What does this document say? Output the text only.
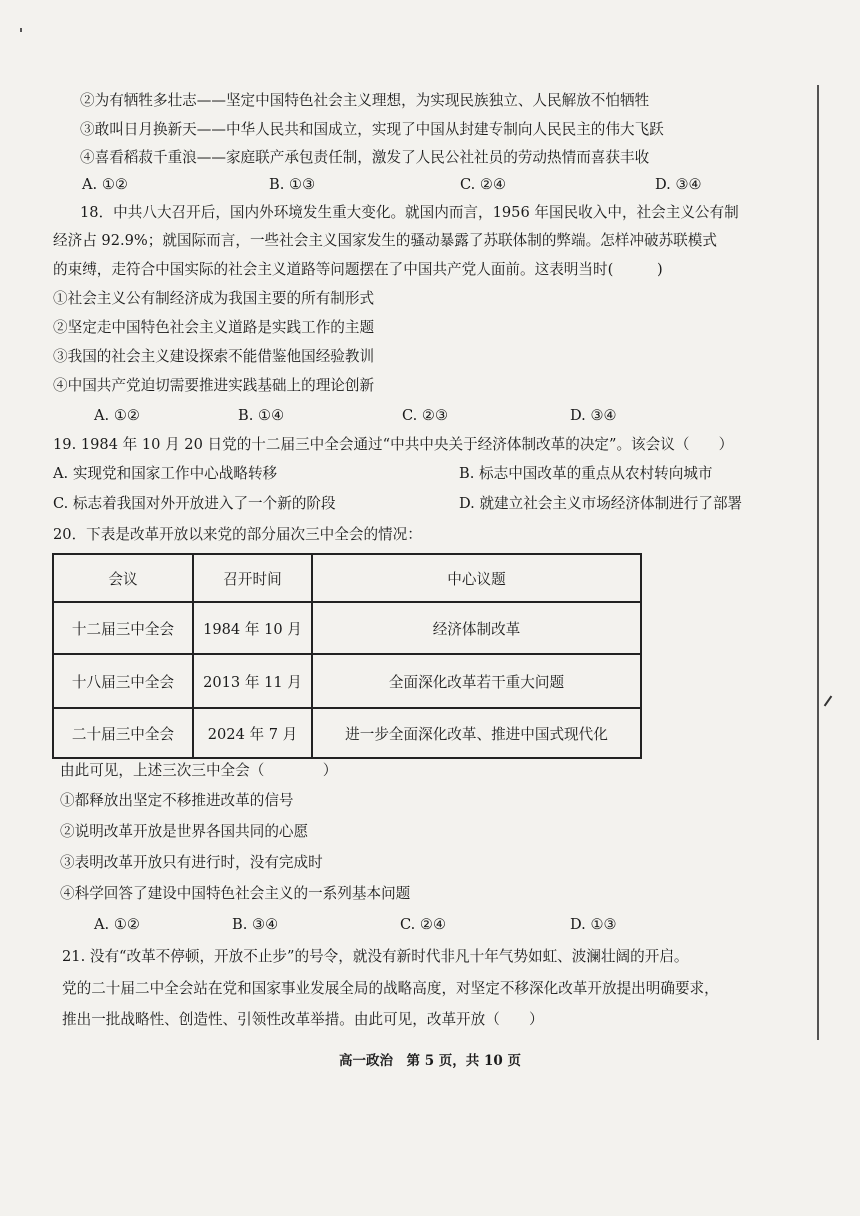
②为有牺牲多壮志——坚定中国特色社会主义理想，为实现民族独立、人民解放不怕牺牲
③敢叫日月换新天——中华人民共和国成立，实现了中国从封建专制向人民民主的伟大飞跃
④喜看稻菽千重浪——家庭联产承包责任制，激发了人民公社社员的劳动热情而喜获丰收
A. ①②	B. ①③	C. ②④	D. ③④
18．中共八大召开后，国内外环境发生重大变化。就国内而言，1956 年国民收入中，社会主义公有制
经济占 92.9%；就国际而言，一些社会主义国家发生的骚动暴露了苏联体制的弊端。怎样冲破苏联模式
的束缚，走符合中国实际的社会主义道路等问题摆在了中国共产党人面前。这表明当时(　　　)
①社会主义公有制经济成为我国主要的所有制形式
②坚定走中国特色社会主义道路是实践工作的主题
③我国的社会主义建设探索不能借鉴他国经验教训
④中国共产党迫切需要推进实践基础上的理论创新
A. ①②	B. ①④	C. ②③	D. ③④
19. 1984 年 10 月 20 日党的十二届三中全会通过“中共中央关于经济体制改革的决定”。该会议（　　）
A. 实现党和国家工作中心战略转移	B. 标志中国改革的重点从农村转向城市
C. 标志着我国对外开放进入了一个新的阶段	D. 就建立社会主义市场经济体制进行了部署
20．下表是改革开放以来党的部分届次三中全会的情况：
会议	召开时间	中心议题
十二届三中全会	1984 年 10 月	经济体制改革
十八届三中全会	2013 年 11 月	全面深化改革若干重大问题
二十届三中全会	2024 年 7 月	进一步全面深化改革、推进中国式现代化
由此可见，上述三次三中全会（　　　　）
①都释放出坚定不移推进改革的信号
②说明改革开放是世界各国共同的心愿
③表明改革开放只有进行时，没有完成时
④科学回答了建设中国特色社会主义的一系列基本问题
A. ①②	B. ③④	C. ②④	D. ①③
21. 没有“改革不停顿，开放不止步”的号令，就没有新时代非凡十年气势如虹、波澜壮阔的开启。
党的二十届二中全会站在党和国家事业发展全局的战略高度，对坚定不移深化改革开放提出明确要求，
推出一批战略性、创造性、引领性改革举措。由此可见，改革开放（　　）
高一政治　第 5 页，共 10 页
